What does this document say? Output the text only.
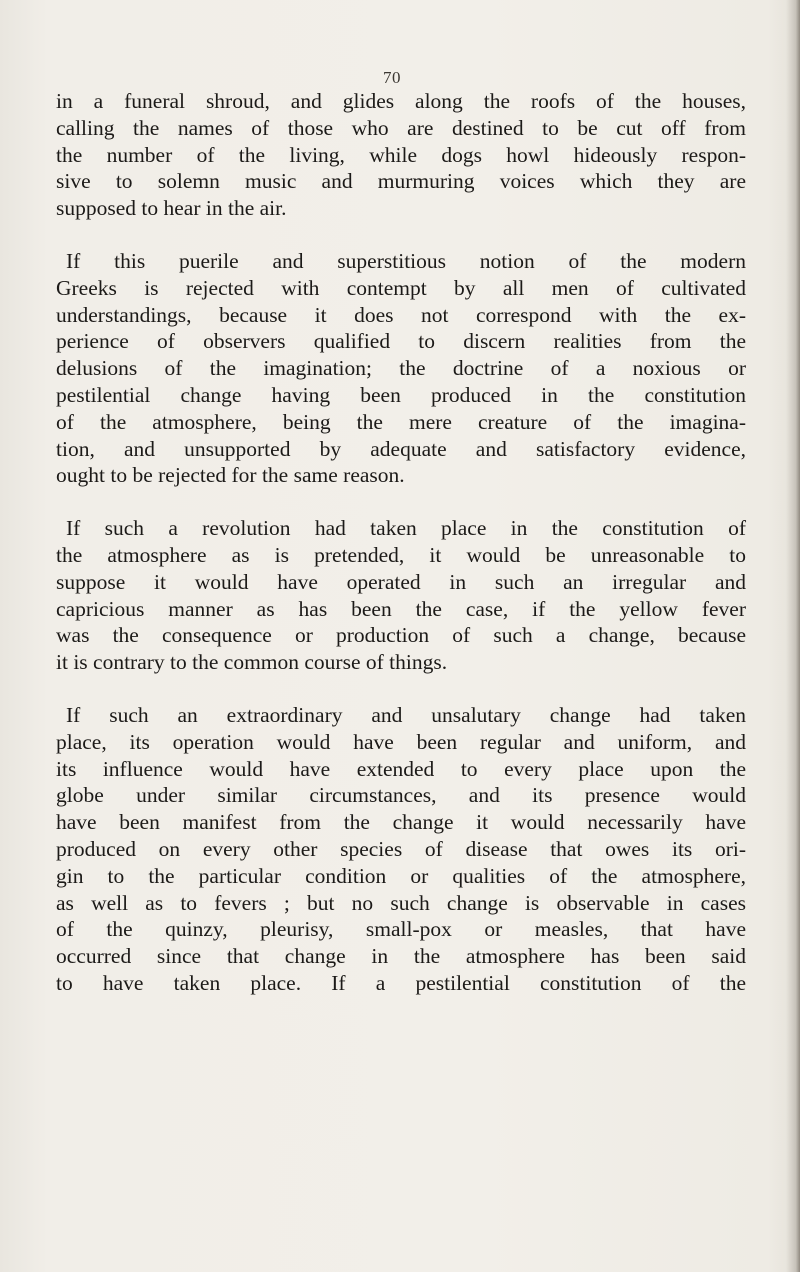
70
in a funeral shroud, and glides along the roofs of the houses,
calling the names of those who are destined to be cut off from
the number of the living, while dogs howl hideously respon-
sive to solemn music and murmuring voices which they are
supposed to hear in the air.
If this puerile and superstitious notion of the modern
Greeks is rejected with contempt by all men of cultivated
understandings, because it does not correspond with the ex-
perience of observers qualified to discern realities from the
delusions of the imagination; the doctrine of a noxious or
pestilential change having been produced in the constitution
of the atmosphere, being the mere creature of the imagina-
tion, and unsupported by adequate and satisfactory evidence,
ought to be rejected for the same reason.
If such a revolution had taken place in the constitution of
the atmosphere as is pretended, it would be unreasonable to
suppose it would have operated in such an irregular and
capricious manner as has been the case, if the yellow fever
was the consequence or production of such a change, because
it is contrary to the common course of things.
If such an extraordinary and unsalutary change had taken
place, its operation would have been regular and uniform, and
its influence would have extended to every place upon the
globe under similar circumstances, and its presence would
have been manifest from the change it would necessarily have
produced on every other species of disease that owes its ori-
gin to the particular condition or qualities of the atmosphere,
as well as to fevers ; but no such change is observable in cases
of the quinzy, pleurisy, small-pox or measles, that have
occurred since that change in the atmosphere has been said
to have taken place. If a pestilential constitution of the
